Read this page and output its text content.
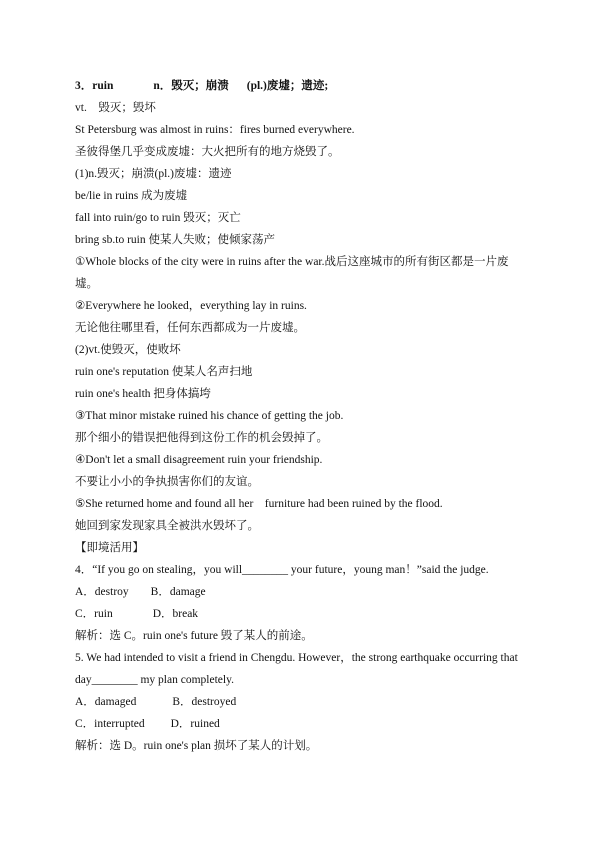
3．ruin	n．毁灭；崩溃 (pl.)废墟；遗迹;
vt.　毁灭；毁坏
St Petersburg was almost in ruins：fires burned everywhere.
圣彼得堡几乎变成废墟：大火把所有的地方烧毁了。
(1)n.毁灭；崩溃(pl.)废墟：遗迹
be/lie in ruins 成为废墟
fall into ruin/go to ruin 毁灭；灭亡
bring sb.to ruin 使某人失败；使倾家荡产
①Whole blocks of the city were in ruins after the war.战后这座城市的所有街区都是一片废
墟。
②Everywhere he looked，everything lay in ruins.
无论他往哪里看，任何东西都成为一片废墟。
(2)vt.使毁灭，使败坏
ruin one's reputation 使某人名声扫地
ruin one's health 把身体搞垮
③That minor mistake ruined his chance of getting the job.
那个细小的错误把他得到这份工作的机会毁掉了。
④Don't let a small disagreement ruin your friendship.
不要让小小的争执损害你们的友谊。
⑤She returned home and found all her　furniture had been ruined by the flood.
她回到家发现家具全被洪水毁坏了。
【即境活用】
4．“If you go on stealing，you will________ your future，young man！”said the judge.
A．destroy B．damage
C．ruin	D．break
解析：选 C。ruin one's future 毁了某人的前途。
5. We had intended to visit a friend in Chengdu. However，the strong earthquake occurring that
day________ my plan completely.
A．damaged	B．destroyed
C．interrupted D．ruined
解析：选 D。ruin one's plan 损坏了某人的计划。
